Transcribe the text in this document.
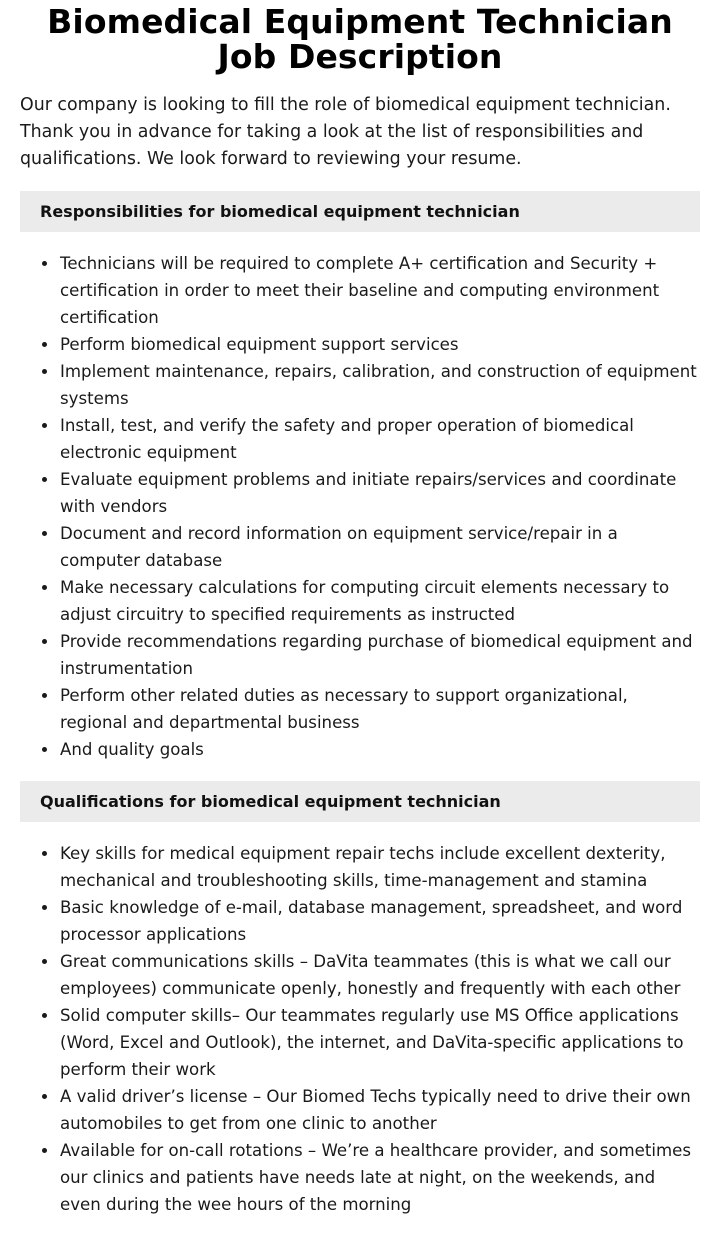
Biomedical Equipment Technician Job Description

Our company is looking to fill the role of biomedical equipment technician. Thank you in advance for taking a look at the list of responsibilities and qualifications. We look forward to reviewing your resume.

Responsibilities for biomedical equipment technician
Technicians will be required to complete A+ certification and Security + certification in order to meet their baseline and computing environment certification
Perform biomedical equipment support services
Implement maintenance, repairs, calibration, and construction of equipment systems
Install, test, and verify the safety and proper operation of biomedical electronic equipment
Evaluate equipment problems and initiate repairs/services and coordinate with vendors
Document and record information on equipment service/repair in a computer database
Make necessary calculations for computing circuit elements necessary to adjust circuitry to specified requirements as instructed
Provide recommendations regarding purchase of biomedical equipment and instrumentation
Perform other related duties as necessary to support organizational, regional and departmental business
And quality goals
Qualifications for biomedical equipment technician
Key skills for medical equipment repair techs include excellent dexterity, mechanical and troubleshooting skills, time-management and stamina
Basic knowledge of e-mail, database management, spreadsheet, and word processor applications
Great communications skills – DaVita teammates (this is what we call our employees) communicate openly, honestly and frequently with each other
Solid computer skills– Our teammates regularly use MS Office applications (Word, Excel and Outlook), the internet, and DaVita-specific applications to perform their work
A valid driver’s license – Our Biomed Techs typically need to drive their own automobiles to get from one clinic to another
Available for on-call rotations – We’re a healthcare provider, and sometimes our clinics and patients have needs late at night, on the weekends, and even during the wee hours of the morning
